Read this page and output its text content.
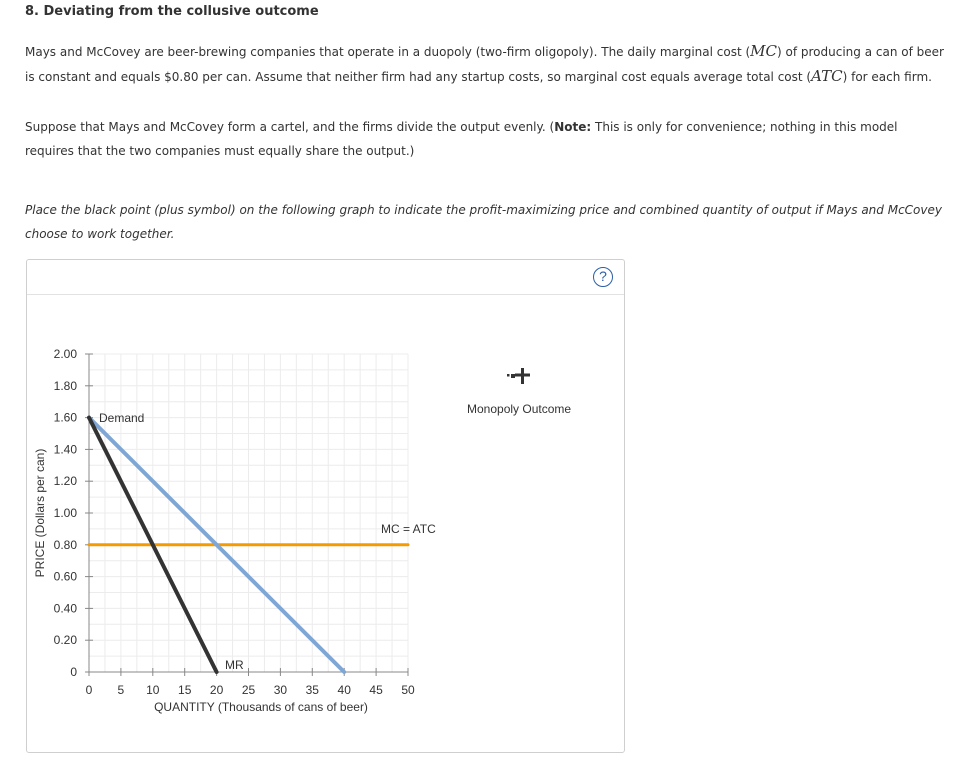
8. Deviating from the collusive outcome
Mays and McCovey are beer-brewing companies that operate in a duopoly (two-firm oligopoly). The daily marginal cost (MC) of producing a can of beer is constant and equals $0.80 per can. Assume that neither firm had any startup costs, so marginal cost equals average total cost (ATC) for each firm.
Suppose that Mays and McCovey form a cartel, and the firms divide the output evenly. (Note: This is only for convenience; nothing in this model requires that the two companies must equally share the output.)
Place the black point (plus symbol) on the following graph to indicate the profit-maximizing price and combined quantity of output if Mays and McCovey choose to work together.
?
0
0.20
0.40
0.60
0.80
1.00
1.20
1.40
1.60
1.80
2.00
0 5 10 15 20 25 30 35 40 45 50
Demand
MR
MC = ATC
QUANTITY (Thousands of cans of beer)
PRICE (Dollars per can)
Monopoly Outcome
